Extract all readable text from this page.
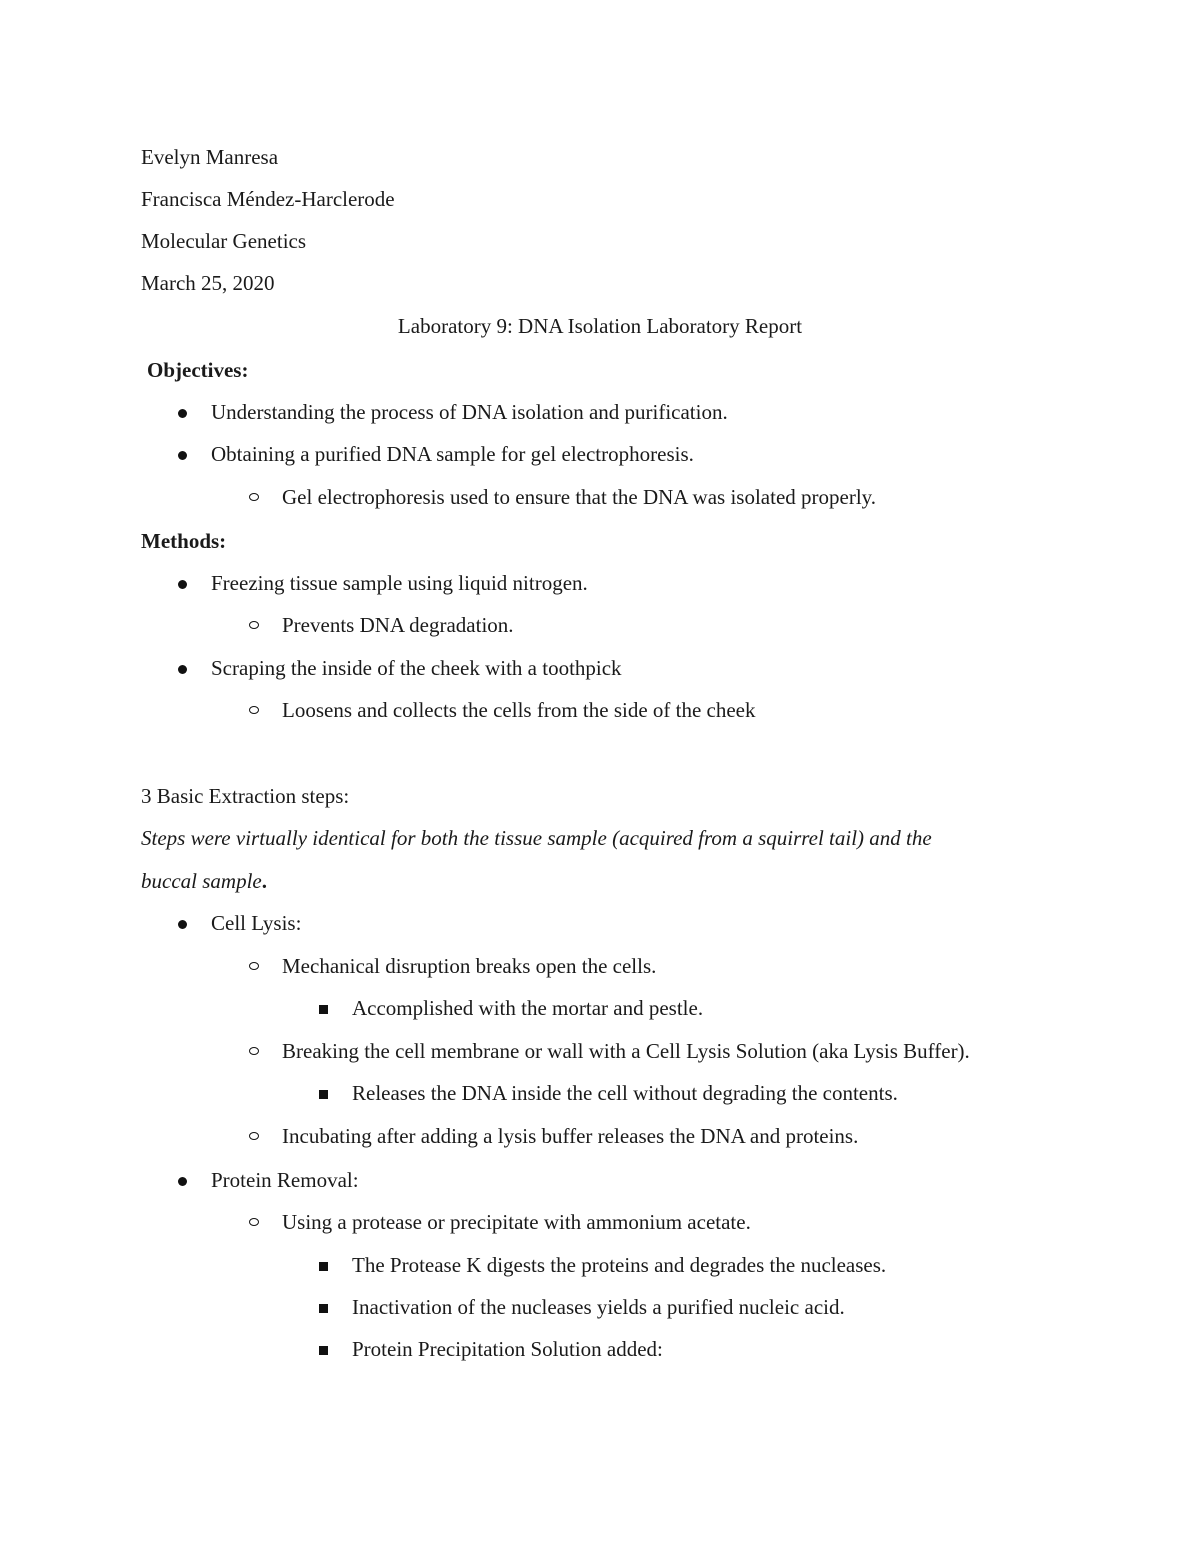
Evelyn Manresa
Francisca Méndez-Harclerode
Molecular Genetics
March 25, 2020
Laboratory 9: DNA Isolation Laboratory Report
Objectives:
Understanding the process of DNA isolation and purification.
Obtaining a purified DNA sample for gel electrophoresis.
Gel electrophoresis used to ensure that the DNA was isolated properly.
Methods:
Freezing tissue sample using liquid nitrogen.
Prevents DNA degradation.
Scraping the inside of the cheek with a toothpick
Loosens and collects the cells from the side of the cheek
3 Basic Extraction steps:
Steps were virtually identical for both the tissue sample (acquired from a squirrel tail) and the
buccal sample.
Cell Lysis:
Mechanical disruption breaks open the cells.
Accomplished with the mortar and pestle.
Breaking the cell membrane or wall with a Cell Lysis Solution (aka Lysis Buffer).
Releases the DNA inside the cell without degrading the contents.
Incubating after adding a lysis buffer releases the DNA and proteins.
Protein Removal:
Using a protease or precipitate with ammonium acetate.
The Protease K digests the proteins and degrades the nucleases.
Inactivation of the nucleases yields a purified nucleic acid.
Protein Precipitation Solution added:
